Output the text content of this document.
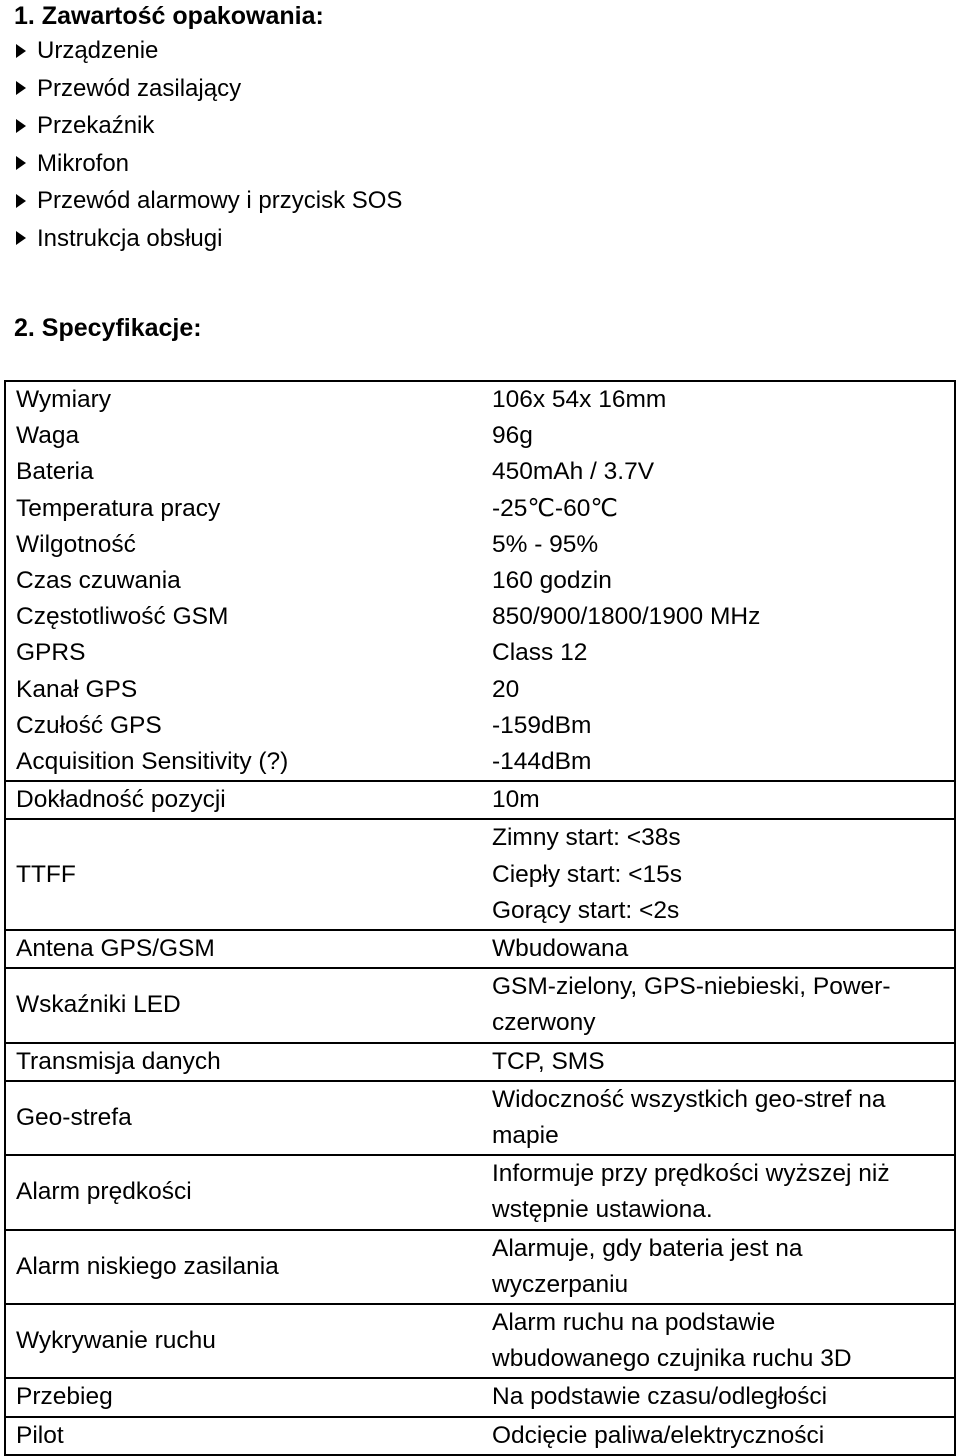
1. Zawartość opakowania:
Urządzenie
Przewód zasilający
Przekaźnik
Mikrofon
Przewód alarmowy i przycisk SOS
Instrukcja obsługi
2. Specyfikacje:
Wymiary	106x 54x 16mm

Waga	96g

Bateria	450mAh / 3.7V

Temperatura pracy	-25℃-60℃

Wilgotność	5% - 95%

Czas czuwania	160 godzin

Częstotliwość GSM	850/900/1800/1900 MHz

GPRS	Class 12

Kanał GPS	20

Czułość GPS	-159dBm

Acquisition Sensitivity (?)	-144dBm

Dokładność pozycji	10m

TTFF	Zimny start: <38s
Ciepły start: <15s
Gorący start: <2s

Antena GPS/GSM	Wbudowana

Wskaźniki LED	GSM-zielony, GPS-niebieski, Power-
czerwony

Transmisja danych	TCP, SMS

Geo-strefa	Widoczność wszystkich geo-stref na
mapie

Alarm prędkości	Informuje przy prędkości wyższej niż
wstępnie ustawiona.

Alarm niskiego zasilania	Alarmuje, gdy bateria jest na
wyczerpaniu

Wykrywanie ruchu	Alarm ruchu na podstawie
wbudowanego czujnika ruchu 3D

Przebieg	Na podstawie czasu/odległości

Pilot	Odcięcie paliwa/elektryczności
